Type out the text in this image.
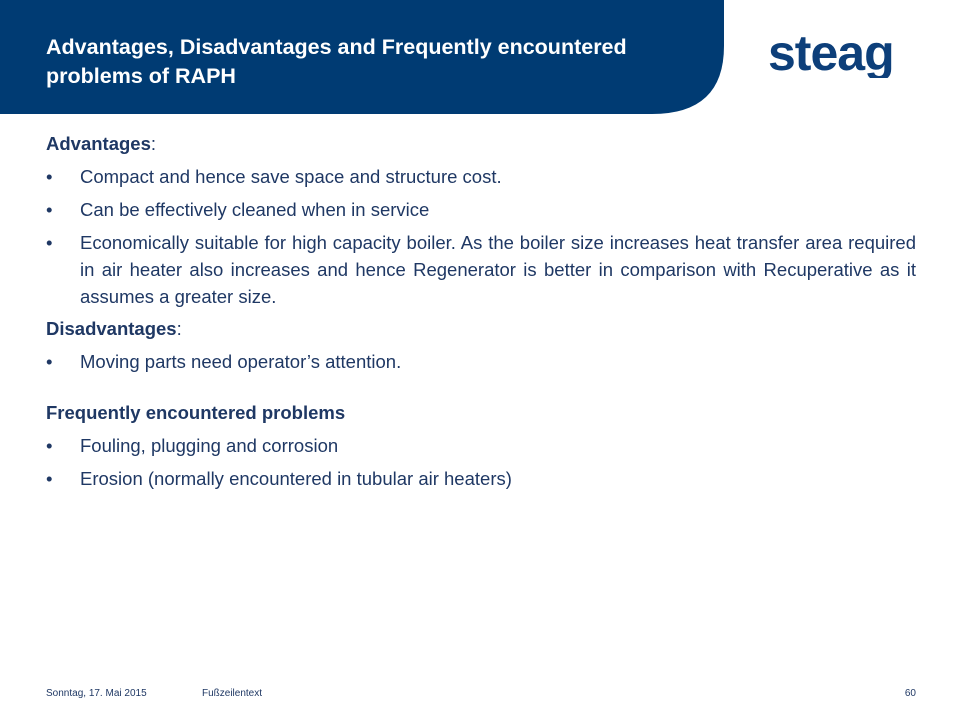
Advantages, Disadvantages and Frequently encountered problems of RAPH	steag
Advantages:
•	Compact and hence save space and structure cost.
•	Can be effectively cleaned when in service
•	Economically suitable for high capacity boiler. As the boiler size increases heat transfer area required in air heater also increases and hence Regenerator is better in comparison with Recuperative as it assumes a greater size.
Disadvantages:
•	Moving parts need operator’s attention.
Frequently encountered problems
•	Fouling, plugging and corrosion
•	Erosion (normally encountered in tubular air heaters)
Sonntag, 17. Mai 2015	Fußzeilentext	60
